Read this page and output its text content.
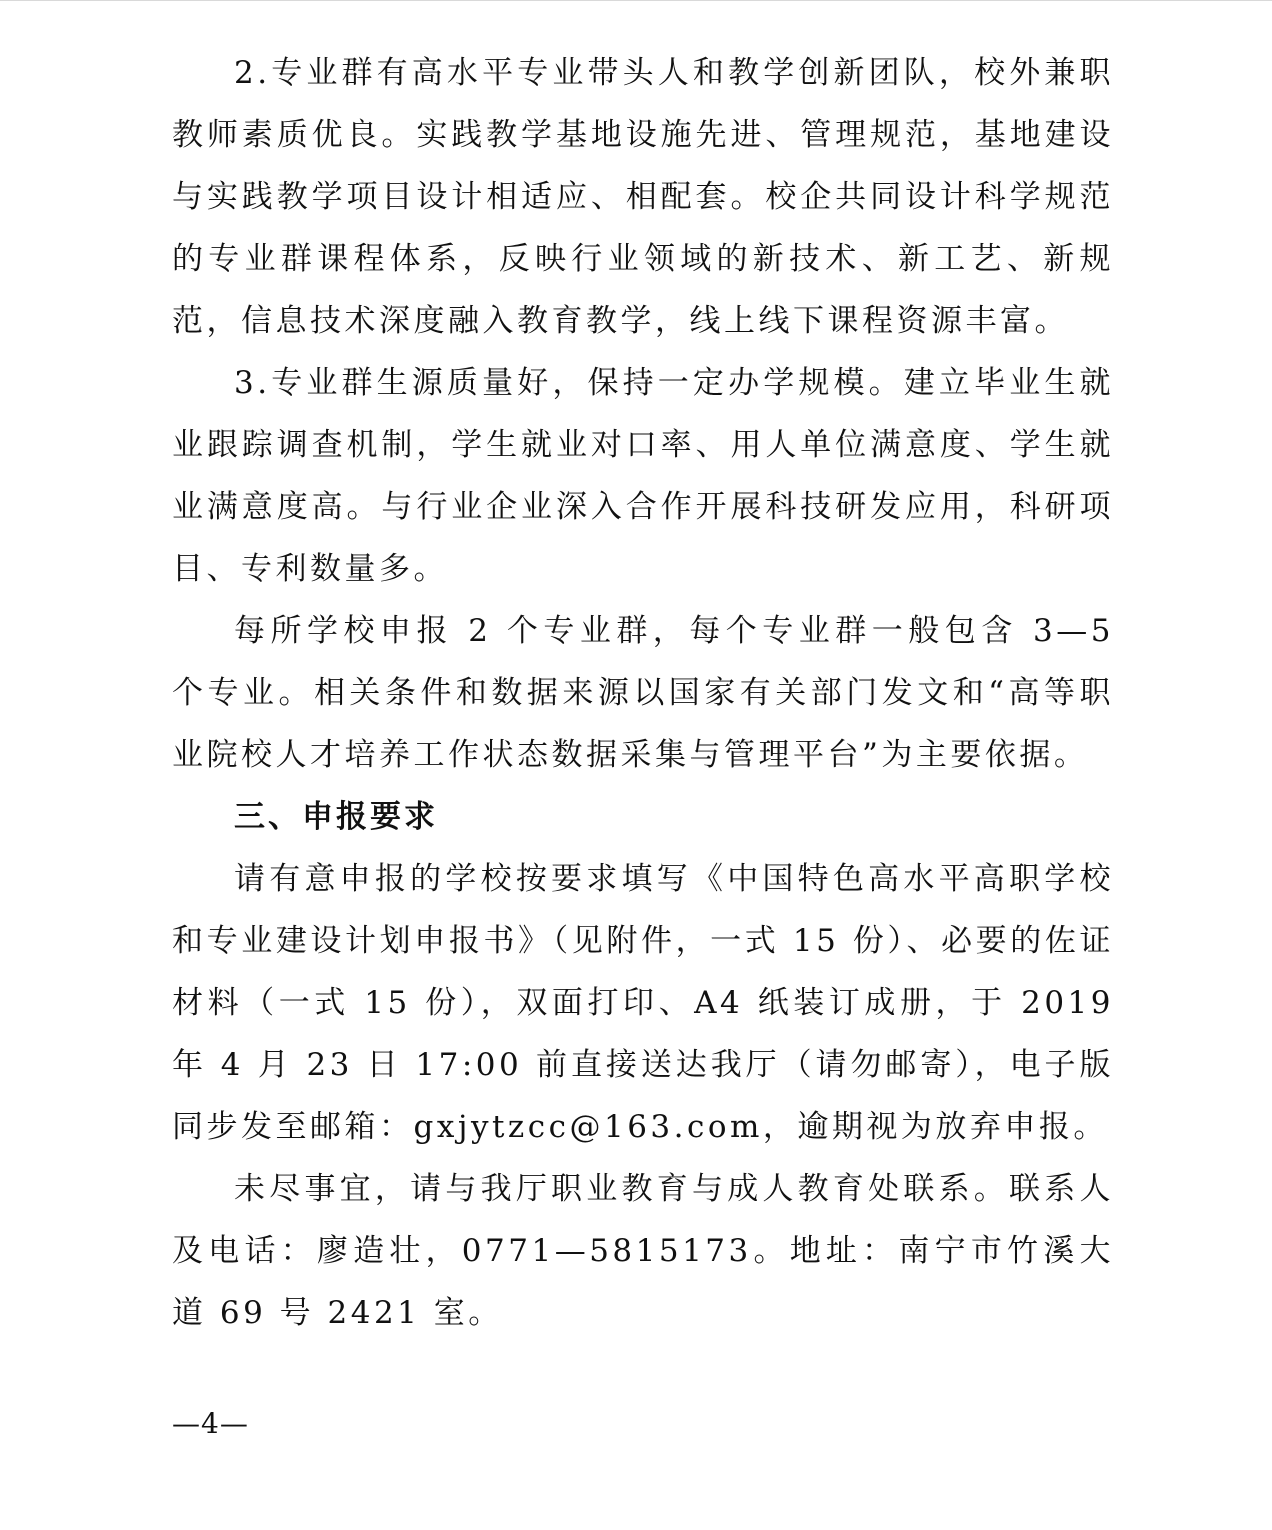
2.专业群有高水平专业带头人和教学创新团队，校外兼职教师素质优良。实践教学基地设施先进、管理规范，基地建设与实践教学项目设计相适应、相配套。校企共同设计科学规范的专业群课程体系，反映行业领域的新技术、新工艺、新规范，信息技术深度融入教育教学，线上线下课程资源丰富。

3.专业群生源质量好，保持一定办学规模。建立毕业生就业跟踪调查机制，学生就业对口率、用人单位满意度、学生就业满意度高。与行业企业深入合作开展科技研发应用，科研项目、专利数量多。

每所学校申报 2 个专业群，每个专业群一般包含 3—5 个专业。相关条件和数据来源以国家有关部门发文和“高等职业院校人才培养工作状态数据采集与管理平台”为主要依据。

三、申报要求

请有意申报的学校按要求填写《中国特色高水平高职学校和专业建设计划申报书》（见附件，一式 15 份）、必要的佐证材料（一式 15 份），双面打印、A4 纸装订成册，于 2019 年 4 月 23 日 17:00 前直接送达我厅（请勿邮寄），电子版同步发至邮箱：gxjytzcc@163.com，逾期视为放弃申报。

未尽事宜，请与我厅职业教育与成人教育处联系。联系人及电话：廖造壮，0771—5815173。地址：南宁市竹溪大道 69 号 2421 室。

—4—
